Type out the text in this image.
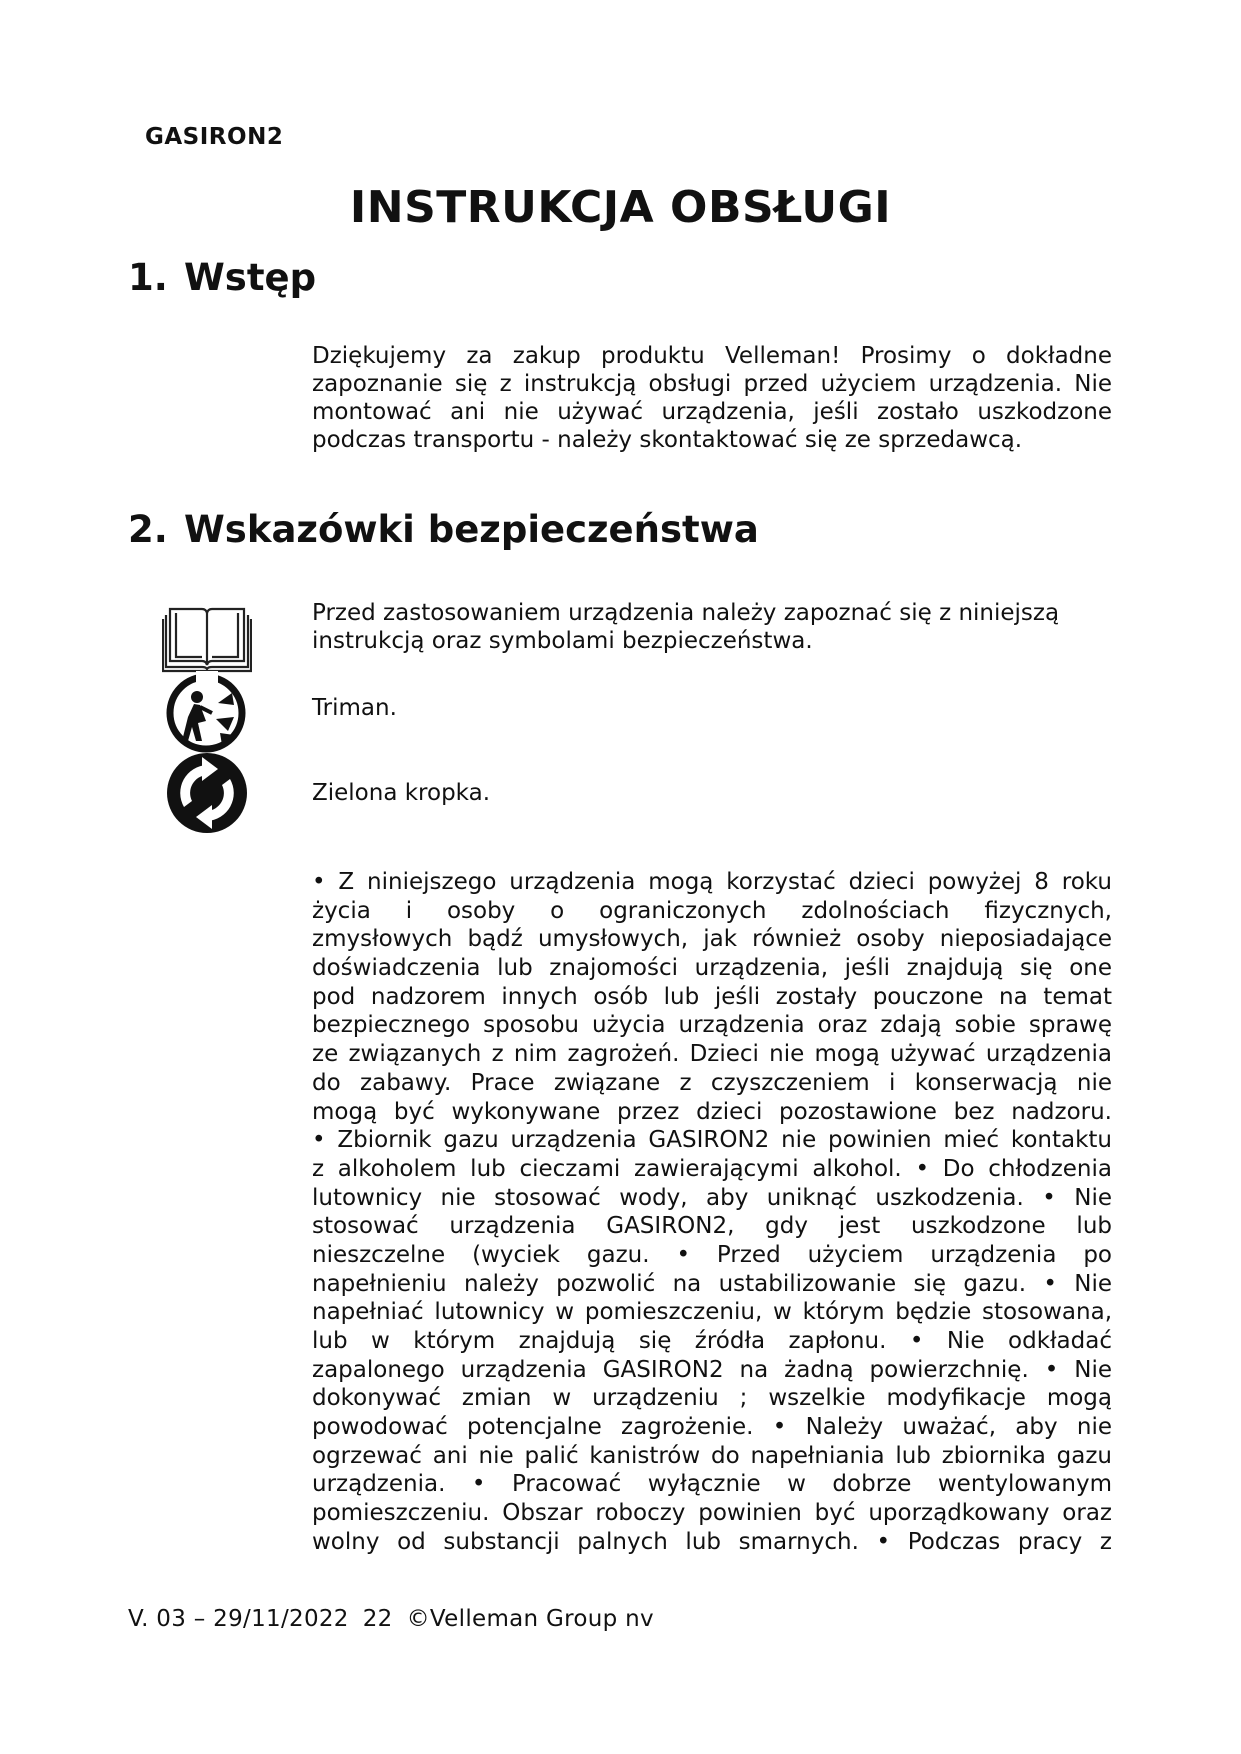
GASIRON2
INSTRUKCJA OBSŁUGI
1. Wstęp
Dziękujemy za zakup produktu Velleman! Prosimy o dokładne
zapoznanie się z instrukcją obsługi przed użyciem urządzenia. Nie
montować ani nie używać urządzenia, jeśli zostało uszkodzone
podczas transportu - należy skontaktować się ze sprzedawcą.
2. Wskazówki bezpieczeństwa
Przed zastosowaniem urządzenia należy zapoznać się z niniejszą
instrukcją oraz symbolami bezpieczeństwa.
Triman.
Zielona kropka.
• Z niniejszego urządzenia mogą korzystać dzieci powyżej 8 roku
życia i osoby o ograniczonych zdolnościach fizycznych,
zmysłowych bądź umysłowych, jak również osoby nieposiadające
doświadczenia lub znajomości urządzenia, jeśli znajdują się one
pod nadzorem innych osób lub jeśli zostały pouczone na temat
bezpiecznego sposobu użycia urządzenia oraz zdają sobie sprawę
ze związanych z nim zagrożeń. Dzieci nie mogą używać urządzenia
do zabawy. Prace związane z czyszczeniem i konserwacją nie
mogą być wykonywane przez dzieci pozostawione bez nadzoru.
• Zbiornik gazu urządzenia GASIRON2 nie powinien mieć kontaktu
z alkoholem lub cieczami zawierającymi alkohol. • Do chłodzenia
lutownicy nie stosować wody, aby uniknąć uszkodzenia. • Nie
stosować urządzenia GASIRON2, gdy jest uszkodzone lub
nieszczelne (wyciek gazu. • Przed użyciem urządzenia po
napełnieniu należy pozwolić na ustabilizowanie się gazu. • Nie
napełniać lutownicy w pomieszczeniu, w którym będzie stosowana,
lub w którym znajdują się źródła zapłonu. • Nie odkładać
zapalonego urządzenia GASIRON2 na żadną powierzchnię. • Nie
dokonywać zmian w urządzeniu ; wszelkie modyfikacje mogą
powodować potencjalne zagrożenie. • Należy uważać, aby nie
ogrzewać ani nie palić kanistrów do napełniania lub zbiornika gazu
urządzenia. • Pracować wyłącznie w dobrze wentylowanym
pomieszczeniu. Obszar roboczy powinien być uporządkowany oraz
wolny od substancji palnych lub smarnych. • Podczas pracy z
V. 03 – 29/11/2022 22 ©Velleman Group nv
